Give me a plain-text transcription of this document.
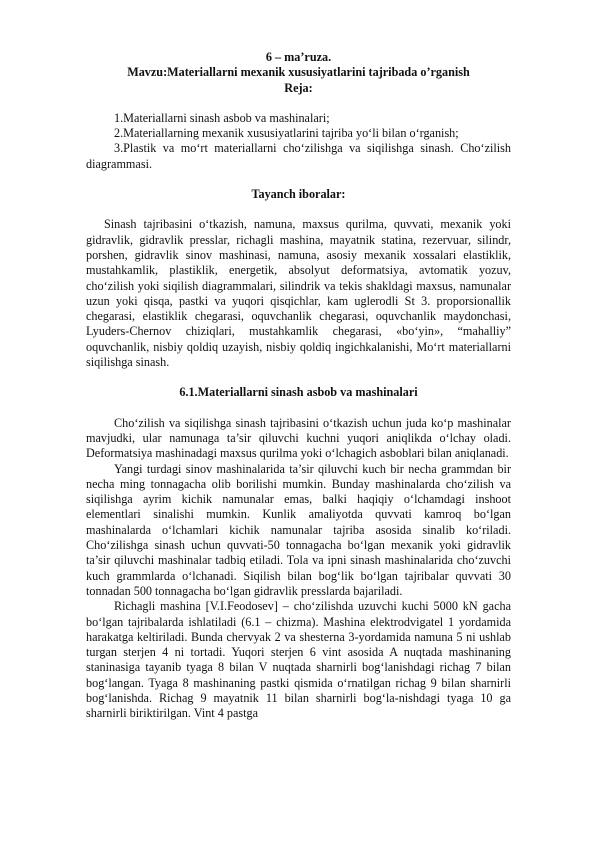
6 – ma’ruza.

Mavzu:Materiallarni mexanik xususiyatlarini tajribada o’rganish

Reja:

1.Materiallarni sinash asbob va mashinalari;

2.Materiallarning mexanik xususiyatlarini tajriba yo‘li bilan o‘rganish;

3.Plastik va mo‘rt materiallarni cho‘zilishga va siqilishga sinash. Cho‘zilish diagrammasi.

Tayanch iboralar:

Sinash tajribasini o‘tkazish, namuna, maxsus qurilma, quvvati, mexanik yoki gidravlik, gidravlik presslar, richagli mashina, mayatnik statina, rezervuar, silindr, porshen, gidravlik sinov mashinasi, namuna, asosiy mexanik xossalari elastiklik, mustahkamlik, plastiklik, energetik, absolyut deformatsiya, avtomatik yozuv, cho‘zilish yoki siqilish diagrammalari, silindrik va tekis shakldagi maxsus, namunalar uzun yoki qisqa, pastki va yuqori qisqichlar, kam uglerodli St 3. proporsionallik chegarasi, elastiklik chegarasi, oquvchanlik chegarasi, oquvchanlik maydonchasi, Lyuders-Chernov chiziqlari, mustahkamlik chegarasi, «bo‘yin», “mahalliy” oquvchanlik, nisbiy qoldiq uzayish, nisbiy qoldiq ingichkalanishi, Mo‘rt materiallarni siqilishga sinash.

6.1.Materiallarni sinash asbob va mashinalari

Cho‘zilish va siqilishga sinash tajribasini o‘tkazish uchun juda ko‘p mashinalar mavjudki, ular namunaga ta’sir qiluvchi kuchni yuqori aniqlikda o‘lchay oladi. Deformatsiya mashinadagi maxsus qurilma yoki o‘lchagich asboblari bilan aniqlanadi.

Yangi turdagi sinov mashinalarida ta’sir qiluvchi kuch bir necha grammdan bir necha ming tonnagacha olib borilishi mumkin. Bunday mashinalarda cho‘zilish va siqilishga ayrim kichik namunalar emas, balki haqiqiy o‘lchamdagi inshoot elementlari sinalishi mumkin. Kunlik amaliyotda quvvati kamroq bo‘lgan mashinalarda o‘lchamlari kichik namunalar tajriba asosida sinalib ko‘riladi. Cho‘zilishga sinash uchun quvvati-50 tonnagacha bo‘lgan mexanik yoki gidravlik ta’sir qiluvchi mashinalar tadbiq etiladi. Tola va ipni sinash mashinalarida cho‘zuvchi kuch grammlarda o‘lchanadi. Siqilish bilan bog‘lik bo‘lgan tajribalar quvvati 30 tonnadan 500 tonnagacha bo‘lgan gidravlik presslarda bajariladi.

Richagli mashina [V.I.Feodosev] – cho‘zilishda uzuvchi kuchi 5000 kN gacha bo‘lgan tajribalarda ishlatiladi (6.1 – chizma). Mashina elektrodvigatel 1 yordamida harakatga keltiriladi. Bunda chervyak 2 va shesterna 3-yordamida namuna 5 ni ushlab turgan sterjen 4 ni tortadi. Yuqori sterjen 6 vint asosida A nuqtada mashinaning staninasiga tayanib tyaga 8 bilan V nuqtada sharnirli bog‘lanishdagi richag 7 bilan bog‘langan. Tyaga 8 mashinaning pastki qismida o‘rnatilgan richag 9 bilan sharnirli bog‘lanishda. Richag 9 mayatnik 11 bilan sharnirli bog‘la-nishdagi tyaga 10 ga sharnirli biriktirilgan. Vint 4 pastga
